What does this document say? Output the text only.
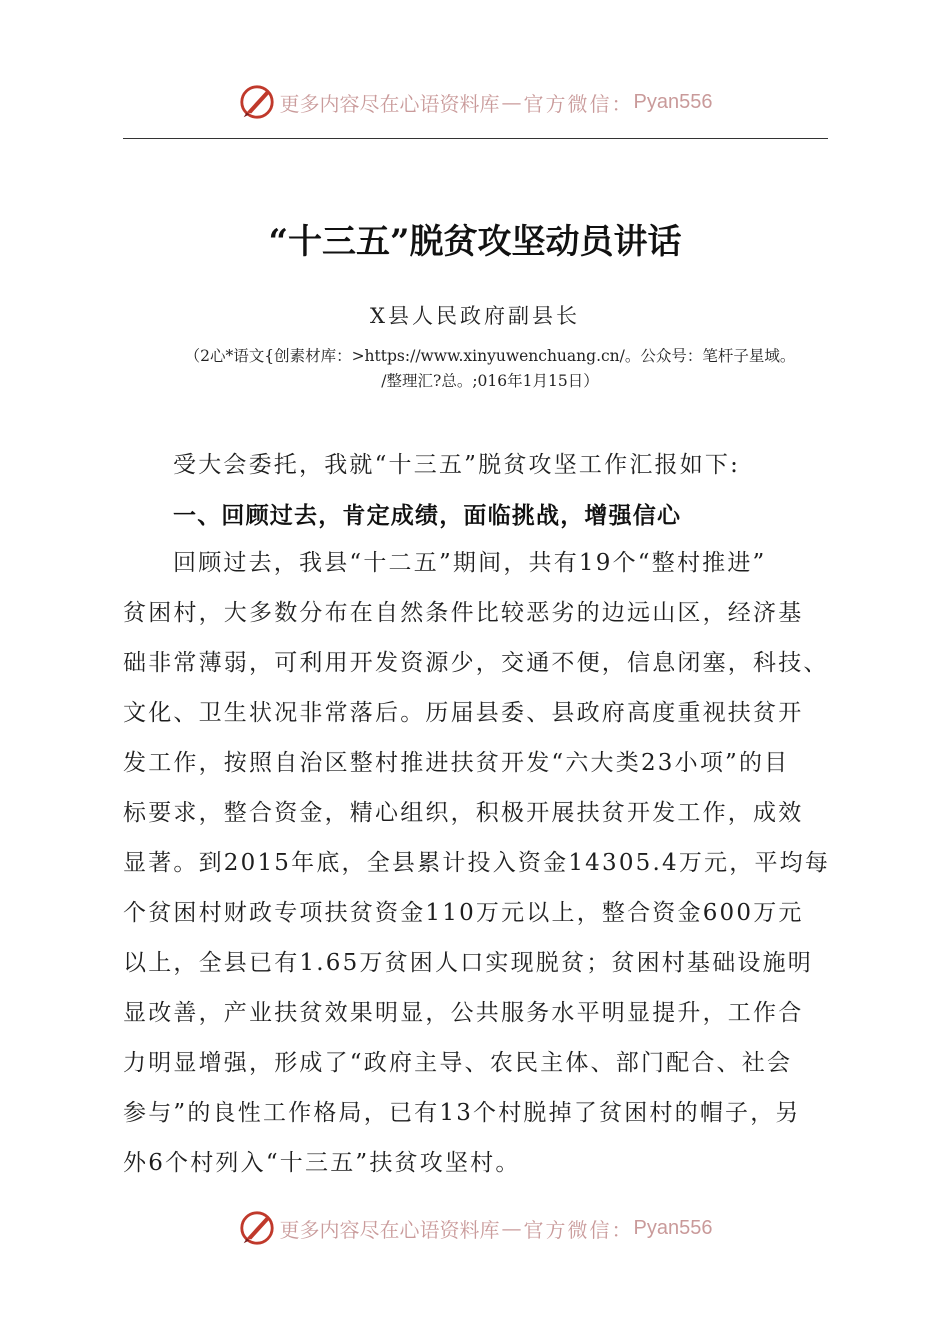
更多内容尽在心语资料库 — 官方微信： Pyan556
“十三五”脱贫攻坚动员讲话
X县人民政府副县长
（2心*语文{创素材库：>https://www.xinyuwenchuang.cn/。公众号：笔杆子星域。
/整理汇?总。;016年1月15日）
受大会委托，我就“十三五”脱贫攻坚工作汇报如下:
一、回顾过去，肯定成绩，面临挑战，增强信心
回顾过去，我县“十二五”期间，共有19个“整村推进”
贫困村，大多数分布在自然条件比较恶劣的边远山区，经济基
础非常薄弱，可利用开发资源少，交通不便，信息闭塞，科技、
文化、卫生状况非常落后。历届县委、县政府高度重视扶贫开
发工作，按照自治区整村推进扶贫开发“六大类23小项”的目
标要求，整合资金，精心组织，积极开展扶贫开发工作，成效
显著。到2015年底，全县累计投入资金14305.4万元，平均每
个贫困村财政专项扶贫资金110万元以上，整合资金600万元
以上，全县已有1.65万贫困人口实现脱贫；贫困村基础设施明
显改善，产业扶贫效果明显，公共服务水平明显提升，工作合
力明显增强，形成了“政府主导、农民主体、部门配合、社会
参与”的良性工作格局，已有13个村脱掉了贫困村的帽子，另
外6个村列入“十三五”扶贫攻坚村。
更多内容尽在心语资料库 — 官方微信： Pyan556
